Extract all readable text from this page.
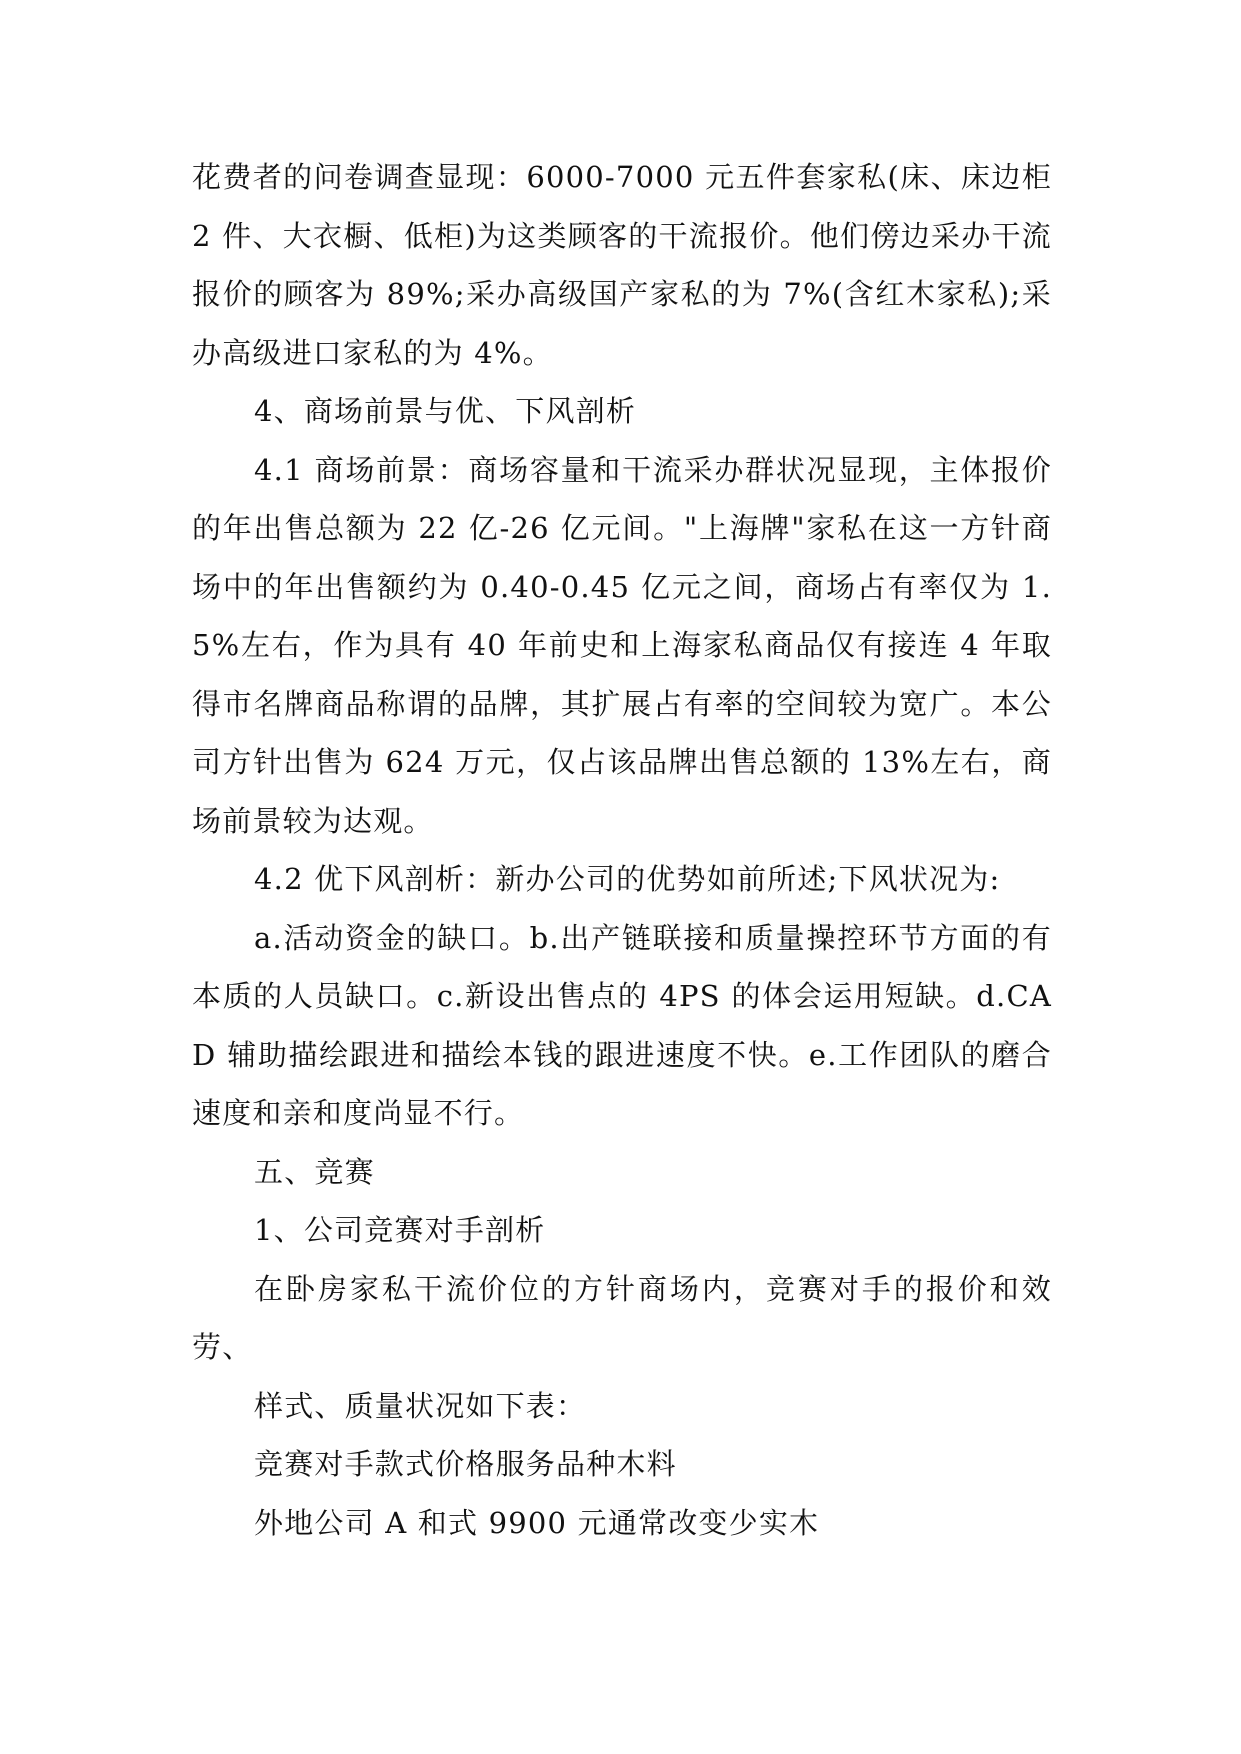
花费者的问卷调查显现：6000-7000 元五件套家私(床、床边柜 2 件、大衣橱、低柜)为这类顾客的干流报价。他们傍边采办干流报价的顾客为 89%;采办高级国产家私的为 7%(含红木家私);采办高级进口家私的为 4%。

4、商场前景与优、下风剖析

4.1 商场前景：商场容量和干流采办群状况显现，主体报价的年出售总额为 22 亿-26 亿元间。"上海牌"家私在这一方针商场中的年出售额约为 0.40-0.45 亿元之间，商场占有率仅为 1.5%左右，作为具有 40 年前史和上海家私商品仅有接连 4 年取得市名牌商品称谓的品牌，其扩展占有率的空间较为宽广。本公司方针出售为 624 万元，仅占该品牌出售总额的 13%左右，商场前景较为达观。

4.2 优下风剖析：新办公司的优势如前所述;下风状况为:

a.活动资金的缺口。b.出产链联接和质量操控环节方面的有本质的人员缺口。c.新设出售点的 4PS 的体会运用短缺。d.CAD 辅助描绘跟进和描绘本钱的跟进速度不快。e.工作团队的磨合速度和亲和度尚显不行。

五、竞赛

1、公司竞赛对手剖析

在卧房家私干流价位的方针商场内，竞赛对手的报价和效劳、

样式、质量状况如下表：

竞赛对手款式价格服务品种木料

外地公司 A 和式 9900 元通常改变少实木
